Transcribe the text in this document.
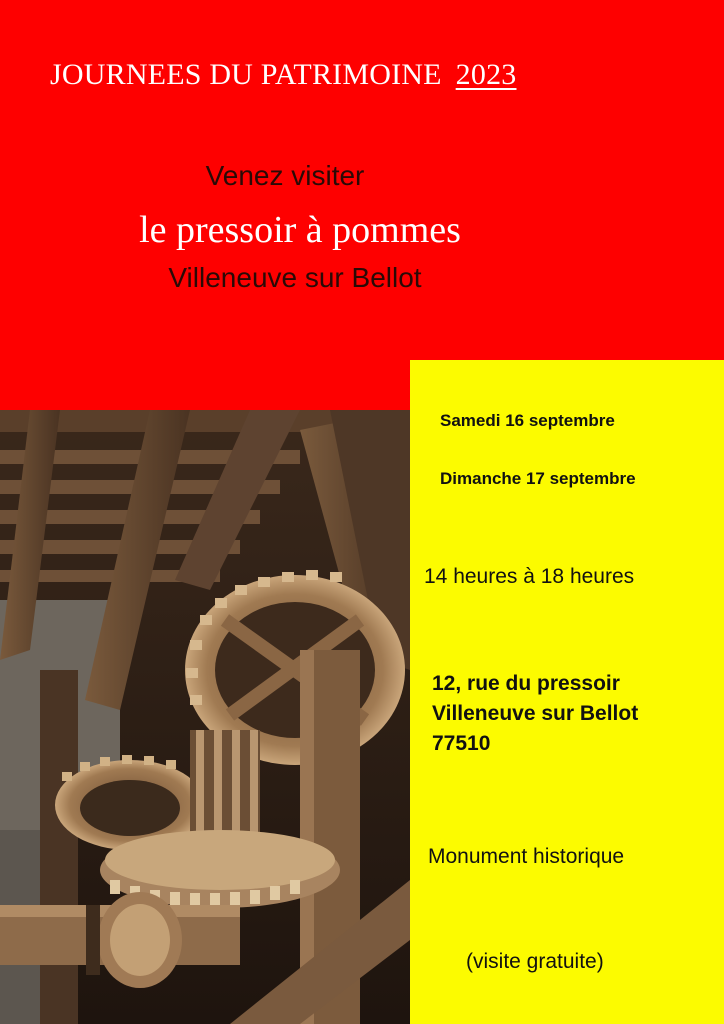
JOURNEES DU PATRIMOINE 2023
Venez visiter
le pressoir à pommes
Villeneuve sur Bellot
Samedi 16 septembre
Dimanche 17 septembre
14 heures à 18 heures
12, rue du pressoir
Villeneuve sur Bellot
77510
Monument historique
(visite gratuite)
